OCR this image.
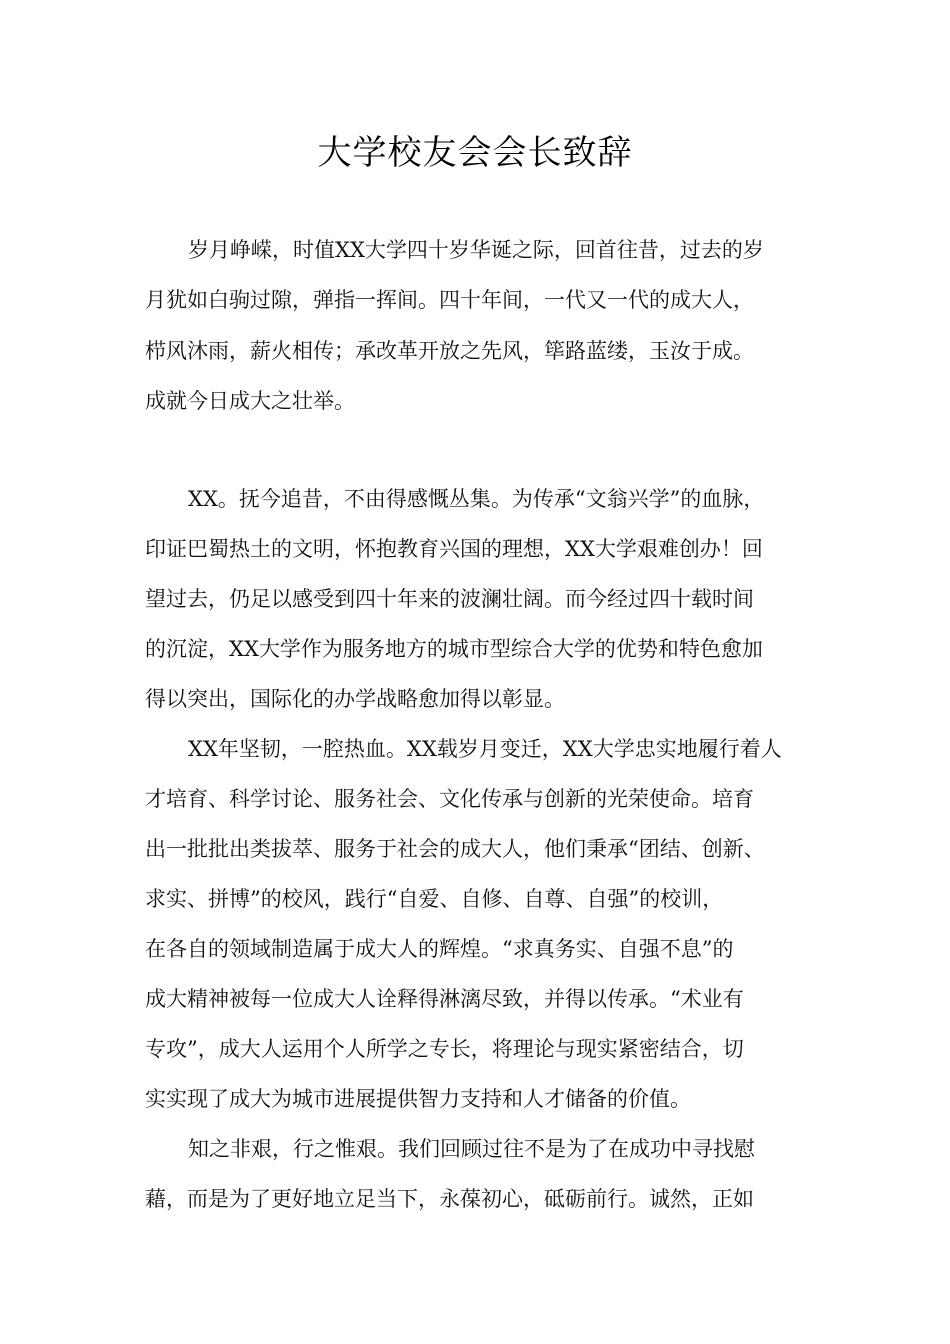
大学校友会会长致辞

岁月峥嵘，时值XX大学四十岁华诞之际，回首往昔，过去的岁

月犹如白驹过隙，弹指一挥间。四十年间，一代又一代的成大人，

栉风沐雨，薪火相传；承改革开放之先风，筚路蓝缕，玉汝于成。

成就今日成大之壮举。

XX。抚今追昔，不由得感慨丛集。为传承“文翁兴学”的血脉，

印证巴蜀热土的文明，怀抱教育兴国的理想，XX大学艰难创办！回

望过去，仍足以感受到四十年来的波澜壮阔。而今经过四十载时间

的沉淀，XX大学作为服务地方的城市型综合大学的优势和特色愈加

得以突出，国际化的办学战略愈加得以彰显。

XX年坚韧，一腔热血。XX载岁月变迁，XX大学忠实地履行着人

才培育、科学讨论、服务社会、文化传承与创新的光荣使命。培育

出一批批出类拔萃、服务于社会的成大人，他们秉承“团结、创新、

求实、拼博”的校风，践行“自爱、自修、自尊、自强”的校训，

在各自的领域制造属于成大人的辉煌。“求真务实、自强不息”的

成大精神被每一位成大人诠释得淋漓尽致，并得以传承。“术业有

专攻”，成大人运用个人所学之专长，将理论与现实紧密结合，切

实实现了成大为城市进展提供智力支持和人才储备的价值。

知之非艰，行之惟艰。我们回顾过往不是为了在成功中寻找慰

藉，而是为了更好地立足当下，永葆初心，砥砺前行。诚然，正如
